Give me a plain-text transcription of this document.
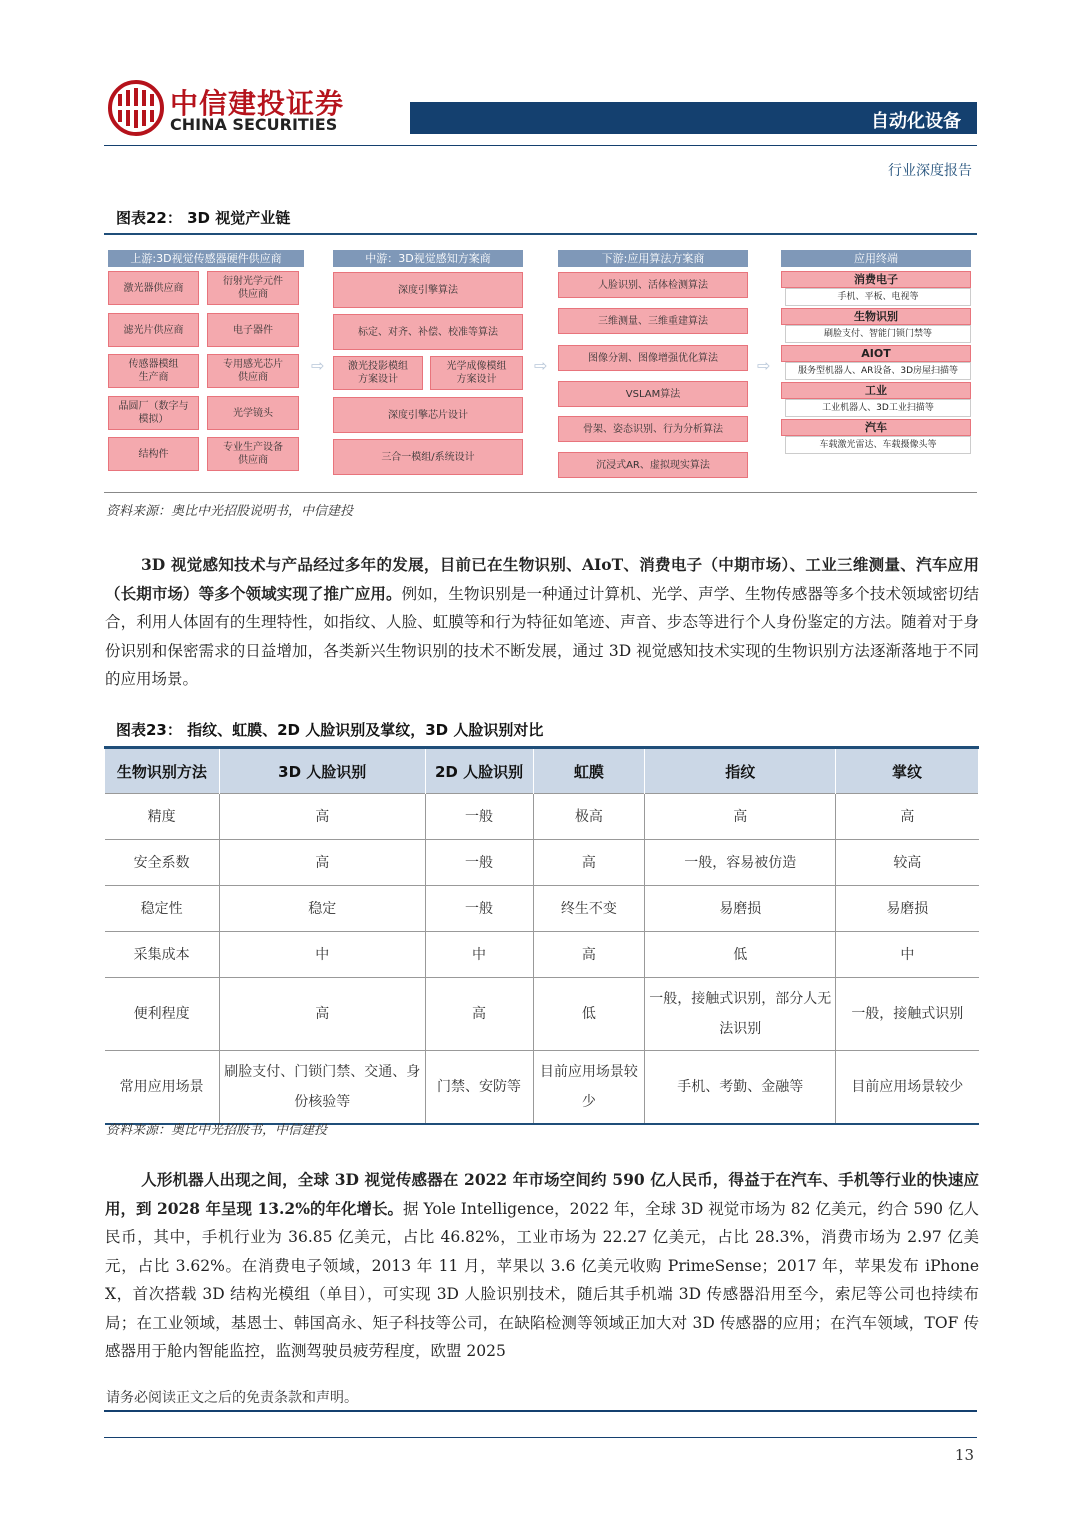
中信建投证券
CHINA SECURITIES	自动化设备
行业深度报告
图表22： 3D 视觉产业链
上游:3D视觉传感器硬件供应商
激光器供应商
滤光片供应商
传感器模组
生产商
晶圆厂（数字与
模拟）
结构件
衍射光学元件
供应商
电子器件
专用感光芯片
供应商
光学镜头
专业生产设备
供应商
⇨	⇨	⇨
中游：3D视觉感知方案商
深度引擎算法
标定、对齐、补偿、校准等算法
激光投影模组
方案设计
光学成像模组
方案设计
深度引擎芯片设计
三合一模组/系统设计
下游:应用算法方案商
人脸识别、活体检测算法
三维测量、三维重建算法
图像分割、图像增强优化算法
VSLAM算法
骨架、姿态识别、行为分析算法
沉浸式AR、虚拟现实算法
应用终端
消费电子
手机、平板、电视等
生物识别
刷脸支付、智能门锁门禁等
AIOT
服务型机器人、AR设备、3D房屋扫描等
工业
工业机器人、3D工业扫描等
汽车
车载激光雷达、车载摄像头等
资料来源：奥比中光招股说明书，中信建投
3D 视觉感知技术与产品经过多年的发展，目前已在生物识别、AIoT、消费电子（中期市场）、工业三维测量、汽车应用（长期市场）等多个领域实现了推广应用。例如，生物识别是一种通过计算机、光学、声学、生物传感器等多个技术领域密切结合，利用人体固有的生理特性，如指纹、人脸、虹膜等和行为特征如笔迹、声音、步态等进行个人身份鉴定的方法。随着对于身份识别和保密需求的日益增加，各类新兴生物识别的技术不断发展，通过 3D 视觉感知技术实现的生物识别方法逐渐落地于不同的应用场景。
图表23： 指纹、虹膜、2D 人脸识别及掌纹，3D 人脸识别对比
生物识别方法	3D 人脸识别	2D 人脸识别	虹膜	指纹	掌纹
精度	高	一般	极高	高	高
安全系数	高	一般	高	一般，容易被仿造	较高
稳定性	稳定	一般	终生不变	易磨损	易磨损
采集成本	中	中	高	低	中
便利程度	高	高	低	一般，接触式识别，部分人无法识别	一般，接触式识别
常用应用场景	刷脸支付、门锁门禁、交通、身份核验等	门禁、安防等	目前应用场景较少	手机、考勤、金融等	目前应用场景较少
资料来源：奥比中光招股书，中信建投
人形机器人出现之间，全球 3D 视觉传感器在 2022 年市场空间约 590 亿人民币，得益于在汽车、手机等行业的快速应用，到 2028 年呈现 13.2%的年化增长。据 Yole Intelligence，2022 年，全球 3D 视觉市场为 82 亿美元，约合 590 亿人民币，其中，手机行业为 36.85 亿美元，占比 46.82%，工业市场为 22.27 亿美元，占比 28.3%，消费市场为 2.97 亿美元，占比 3.62%。在消费电子领域，2013 年 11 月，苹果以 3.6 亿美元收购 PrimeSense；2017 年，苹果发布 iPhone X，首次搭载 3D 结构光模组（单目），可实现 3D 人脸识别技术，随后其手机端 3D 传感器沿用至今，索尼等公司也持续布局；在工业领域，基恩士、韩国高永、矩子科技等公司，在缺陷检测等领域正加大对 3D 传感器的应用；在汽车领域，TOF 传感器用于舱内智能监控，监测驾驶员疲劳程度，欧盟 2025
请务必阅读正文之后的免责条款和声明。
13
